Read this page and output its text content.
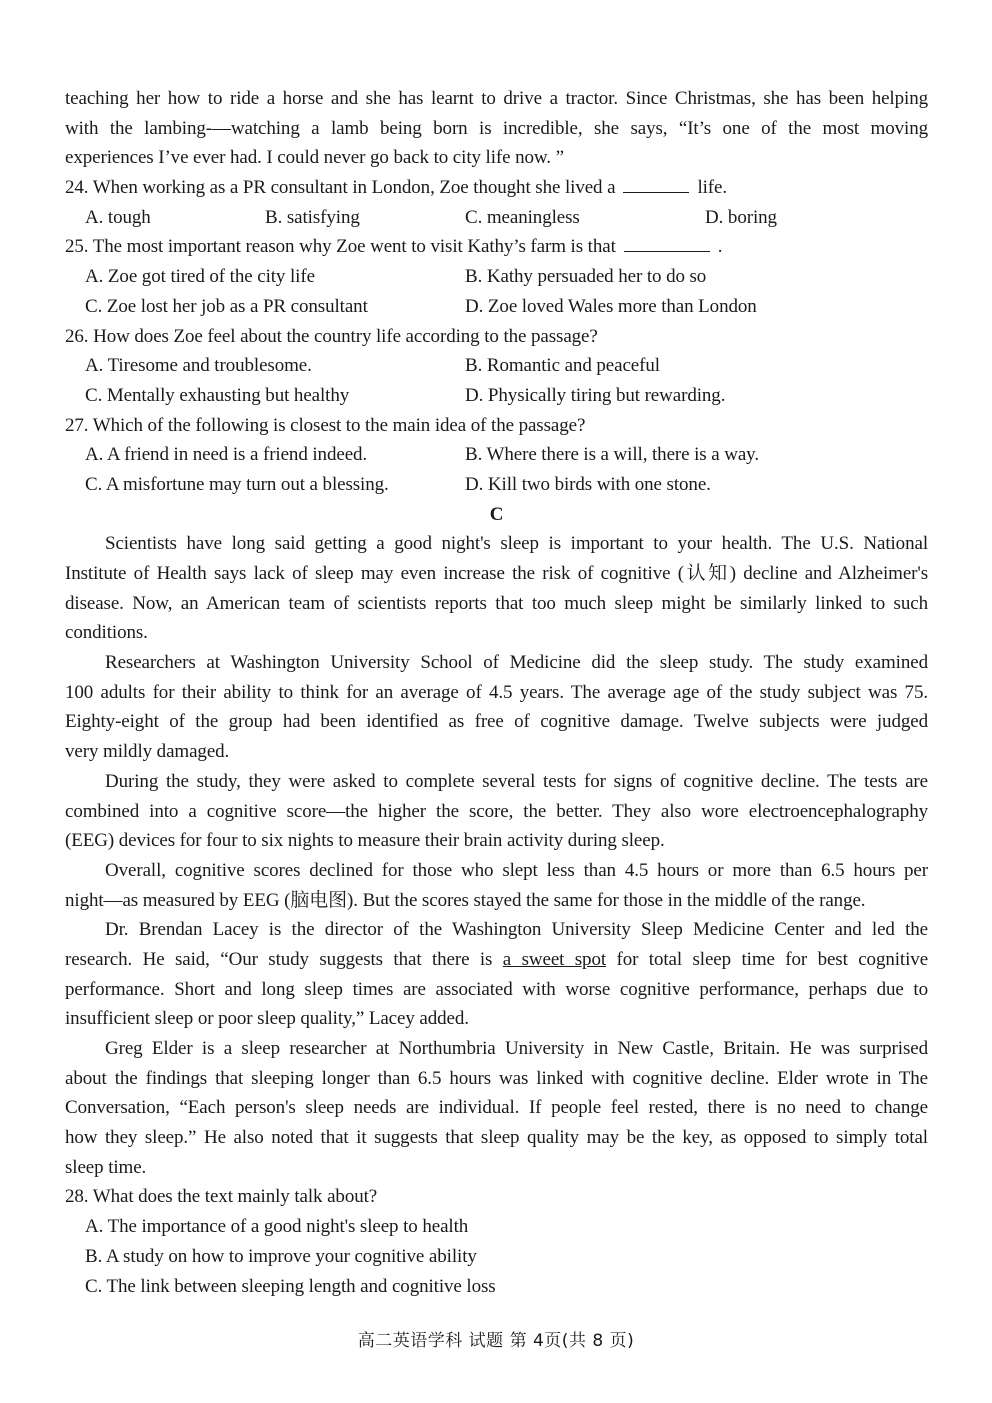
teaching her how to ride a horse and she has learnt to drive a tractor. Since Christmas, she has been helping
with the lambing-—watching a lamb being born is incredible, she says, “It’s one of the most moving
experiences I’ve ever had. I could never go back to city life now. ”
24. When working as a PR consultant in London, Zoe thought she lived a	life.
A. tough	B. satisfying	C. meaningless	D. boring
25. The most important reason why Zoe went to visit Kathy’s farm is that	.
A. Zoe got tired of the city life	B. Kathy persuaded her to do so
C. Zoe lost her job as a PR consultant	D. Zoe loved Wales more than London
26. How does Zoe feel about the country life according to the passage?
A. Tiresome and troublesome.	B. Romantic and peaceful
C. Mentally exhausting but healthy	D. Physically tiring but rewarding.
27. Which of the following is closest to the main idea of the passage?
A. A friend in need is a friend indeed.	B. Where there is a will, there is a way.
C. A misfortune may turn out a blessing.	D. Kill two birds with one stone.
C
Scientists have long said getting a good night's sleep is important to your health. The U.S. National
Institute of Health says lack of sleep may even increase the risk of cognitive (认知) decline and Alzheimer's
disease. Now, an American team of scientists reports that too much sleep might be similarly linked to such
conditions.
Researchers at Washington University School of Medicine did the sleep study. The study examined
100 adults for their ability to think for an average of 4.5 years. The average age of the study subject was 75.
Eighty-eight of the group had been identified as free of cognitive damage. Twelve subjects were judged
very mildly damaged.
During the study, they were asked to complete several tests for signs of cognitive decline. The tests are
combined into a cognitive score—the higher the score, the better. They also wore electroencephalography
(EEG) devices for four to six nights to measure their brain activity during sleep.
Overall, cognitive scores declined for those who slept less than 4.5 hours or more than 6.5 hours per
night—as measured by EEG (脑电图). But the scores stayed the same for those in the middle of the range.
Dr. Brendan Lacey is the director of the Washington University Sleep Medicine Center and led the
research. He said, “Our study suggests that there is a sweet spot for total sleep time for best cognitive
performance. Short and long sleep times are associated with worse cognitive performance, perhaps due to
insufficient sleep or poor sleep quality,” Lacey added.
Greg Elder is a sleep researcher at Northumbria University in New Castle, Britain. He was surprised
about the findings that sleeping longer than 6.5 hours was linked with cognitive decline. Elder wrote in The
Conversation, “Each person's sleep needs are individual. If people feel rested, there is no need to change
how they sleep.” He also noted that it suggests that sleep quality may be the key, as opposed to simply total
sleep time.
28. What does the text mainly talk about?
A. The importance of a good night's sleep to health
B. A study on how to improve your cognitive ability
C. The link between sleeping length and cognitive loss
高二英语学科 试题 第 4页(共 8 页)
